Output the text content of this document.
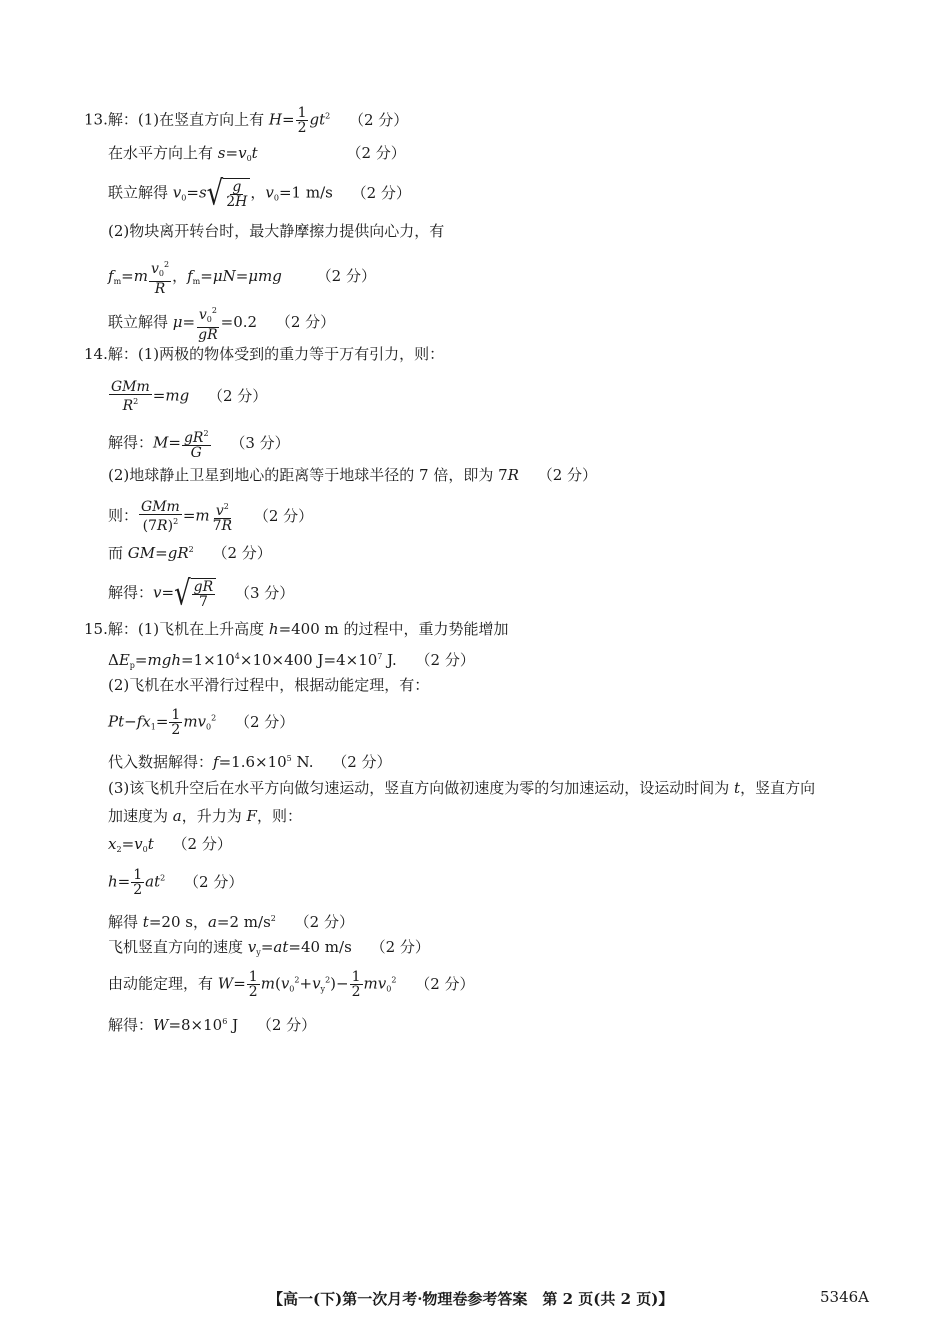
13.解：(1)在竖直方向上有 $H= \frac{1}{2} gt^2$ （2 分）
在水平方向上有 $s=v_0t$	（2 分）
联立解得 $v_0=s$ √ $\frac{g}{2H}$ ，$v_0=1$ m/s （2 分）
(2)物块离开转台时，最大静摩擦力提供向心力，有
$f_m=m \frac{v_0^2}{R}$ ，$f_m=\mu N=\mu mg$ （2 分）
联立解得 $\mu= \frac{v_0^2}{gR} =0.2$ （2 分）
14.解：(1)两极的物体受到的重力等于万有引力，则：
$\frac{\text{GMm}}{R^2} =mg$ （2 分）
解得：$M= \frac{gR^2}{G} (3$ 分）
(2)地球静止卫星到地心的距离等于地球半径的 7 倍，即为 7R （2 分）
则： $\frac{\text{GMm}}{(7R)^2} =m \frac{v^2}{7R} (2$ 分）
而 $GM=gR^2$ （2 分）
解得：v= √ $\frac{gR}{7} (3$ 分）
15.解：(1)飞机在上升高度 h=400 m 的过程中，重力势能增加
$\Delta E_p=mgh=1\times 10^4\times 10\times 400$ $J=4\times 10^7$ J. （2 分）
(2)飞机在水平滑行过程中，根据动能定理，有：
$Pt-fx_1= \frac{1}{2} mv_0^2$ （2 分）
代入数据解得：$f=1.6\times 10^5$ N. （2 分）
(3)该飞机升空后在水平方向做匀速运动，竖直方向做初速度为零的匀加速运动，设运动时间为 t，竖直方向
加速度为 a，升力为 F，则：
$x_2=v_0t$ （2 分）
$h= \frac{1}{2} at^2$ （2 分）
解得 t=20 s，a=2 $m/s^2$ （2 分）
飞机竖直方向的速度 $v_y=at=40$ m/s （2 分）
由动能定理，有 $W= \frac{1}{2} m(v_0^2+v_y^2)- \frac{1}{2} mv_0^2$ （2 分）
解得：$W=8\times 10^6$ J （2 分）
【高一(下)第一次月考·物理卷参考答案　第 2 页(共 2 页)】	5346A
